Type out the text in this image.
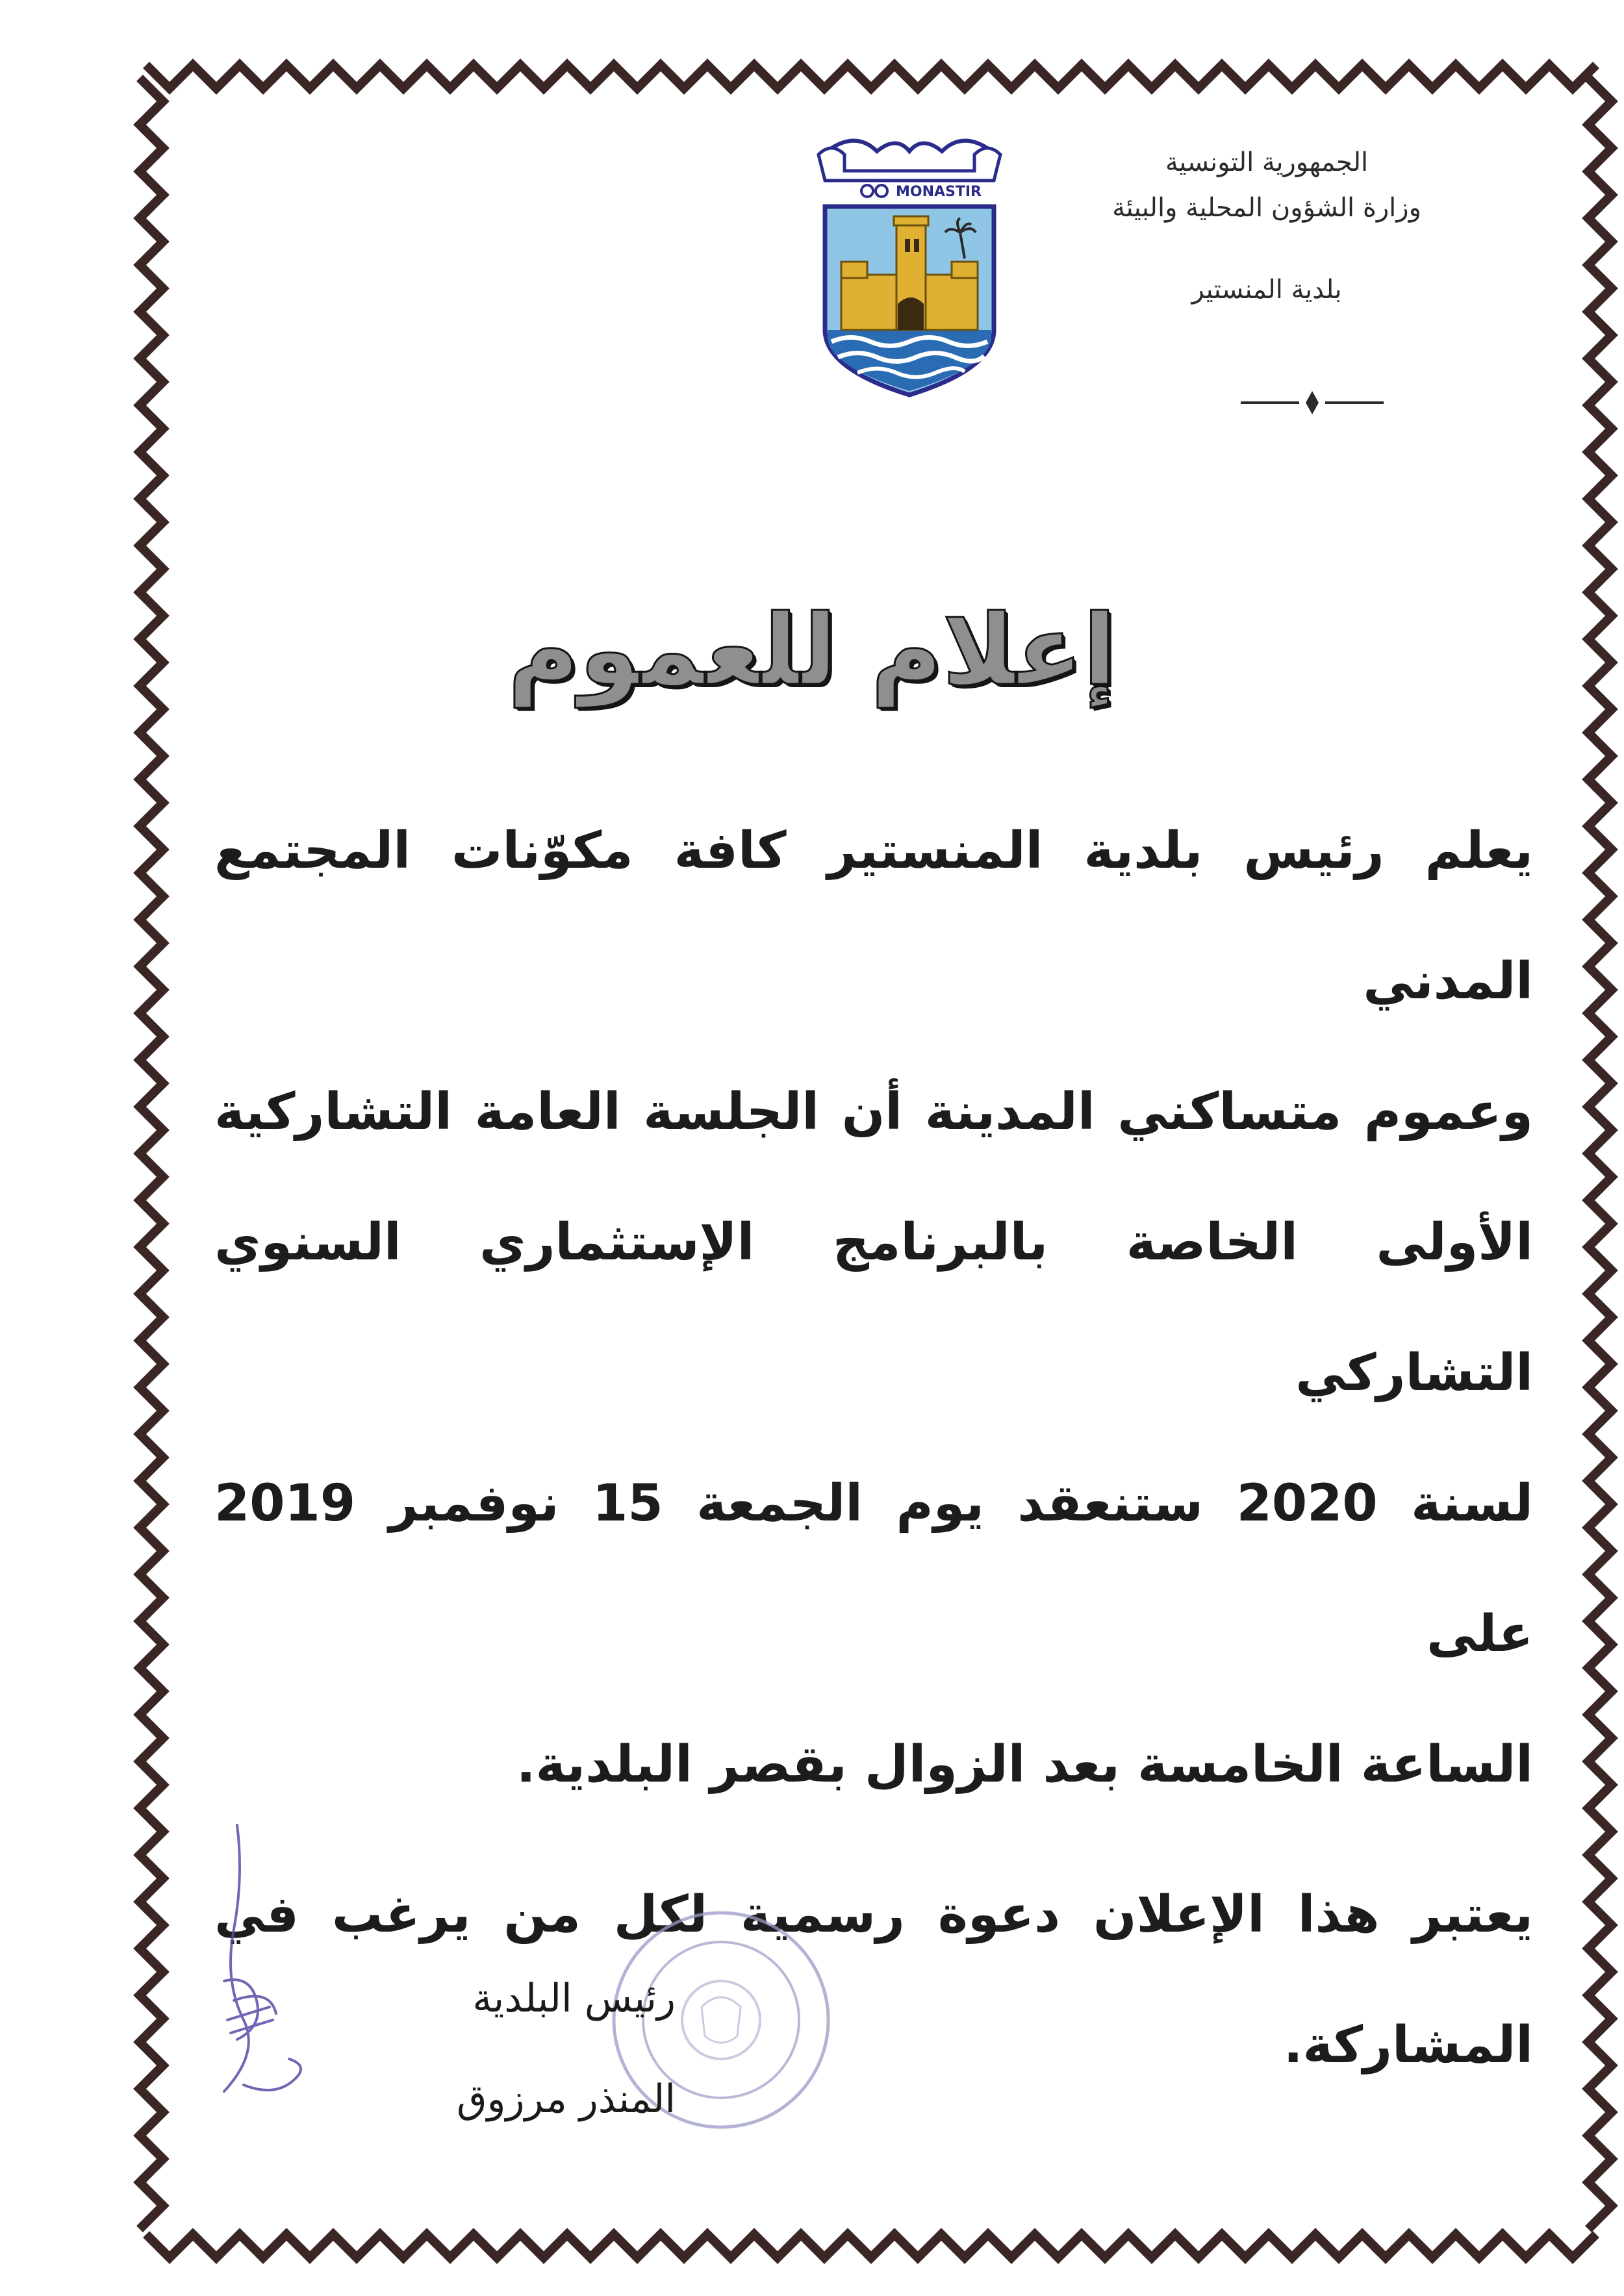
MONASTIR
الجمهورية التونسية
وزارة الشؤون المحلية والبيئة
بلدية المنستير
إعلام للعموم

يعلم رئيس بلدية المنستير كافة مكوّنات المجتمع المدني

وعموم متساكني المدينة أن الجلسة العامة التشاركية

الأولى الخاصة بالبرنامج الإستثماري السنوي التشاركي

لسنة 2020 ستنعقد يوم الجمعة 15 نوفمبر 2019 على

الساعة الخامسة بعد الزوال بقصر البلدية.

يعتبر هذا الإعلان دعوة رسمية لكل من يرغب في

المشاركة.

رئيس البلدية
المنذر مرزوق
